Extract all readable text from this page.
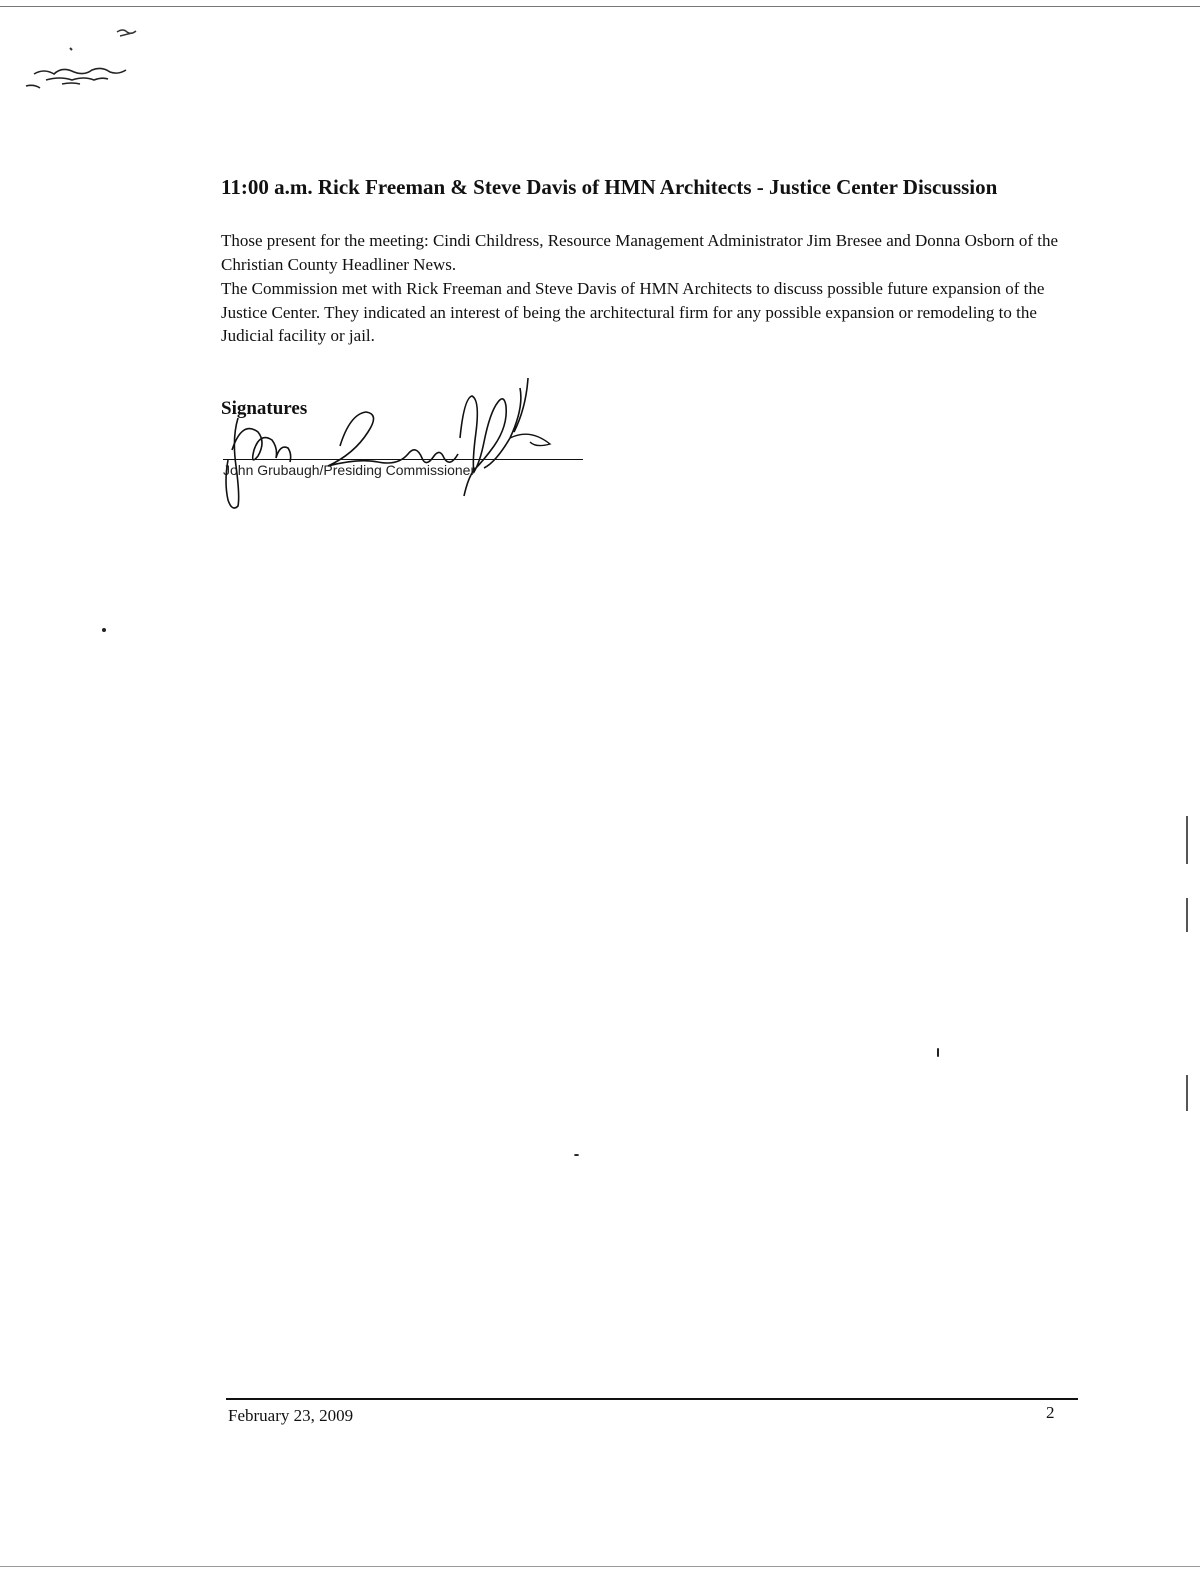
11:00 a.m. Rick Freeman & Steve Davis of HMN Architects - Justice Center Discussion

Those present for the meeting: Cindi Childress, Resource Management Administrator Jim Bresee and Donna Osborn of the Christian County Headliner News.

The Commission met with Rick Freeman and Steve Davis of HMN Architects to discuss possible future expansion of the Justice Center. They indicated an interest of being the architectural firm for any possible expansion or remodeling to the Judicial facility or jail.

Signatures
John Grubaugh/Presiding Commissioner
February 23, 2009	2
